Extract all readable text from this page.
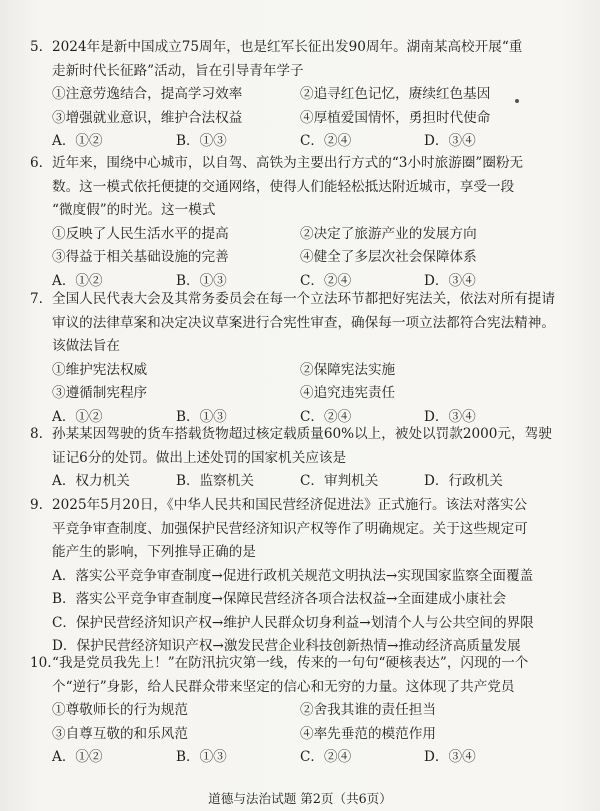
5. 2024年是新中国成立75周年，也是红军长征出发90周年。湖南某高校开展“重
走新时代长征路”活动，旨在引导青年学子
①注意劳逸结合，提高学习效率	②追寻红色记忆，赓续红色基因
③增强就业意识，维护合法权益	④厚植爱国情怀，勇担时代使命
A．①②	B．①③	C．②④	D．③④
6. 近年来，围绕中心城市，以自驾、高铁为主要出行方式的“3小时旅游圈”圈粉无
数。这一模式依托便捷的交通网络，使得人们能轻松抵达附近城市，享受一段
“微度假”的时光。这一模式
①反映了人民生活水平的提高	②决定了旅游产业的发展方向
③得益于相关基础设施的完善	④健全了多层次社会保障体系
A．①②	B．①③	C．②④	D．③④
7. 全国人民代表大会及其常务委员会在每一个立法环节都把好宪法关，依法对所有提请
审议的法律草案和决定决议草案进行合宪性审查，确保每一项立法都符合宪法精神。
该做法旨在
①维护宪法权威	②保障宪法实施
③遵循制宪程序	④追究违宪责任
A．①②	B．①③	C．②④	D．③④
8. 孙某某因驾驶的货车搭载货物超过核定载质量60%以上，被处以罚款2000元，驾驶
证记6分的处罚。做出上述处罚的国家机关应该是
A．权力机关	B．监察机关	C．审判机关	D．行政机关
9. 2025年5月20日，《中华人民共和国民营经济促进法》正式施行。该法对落实公
平竞争审查制度、加强保护民营经济知识产权等作了明确规定。关于这些规定可
能产生的影响，下列推导正确的是
A．落实公平竞争审查制度→促进行政机关规范文明执法→实现国家监察全面覆盖
B．落实公平竞争审查制度→保障民营经济各项合法权益→全面建成小康社会
C．保护民营经济知识产权→维护人民群众切身利益→划清个人与公共空间的界限
D．保护民营经济知识产权→激发民营企业科技创新热情→推动经济高质量发展
10. “我是党员我先上！”在防汛抗灾第一线，传来的一句句“硬核表达”，闪现的一个
个“逆行”身影，给人民群众带来坚定的信心和无穷的力量。这体现了共产党员
①尊敬师长的行为规范	②舍我其谁的责任担当
③自尊互敬的和乐风范	④率先垂范的模范作用
A．①②	B．①③	C．②④	D．③④
道德与法治试题 第2页（共6页）
